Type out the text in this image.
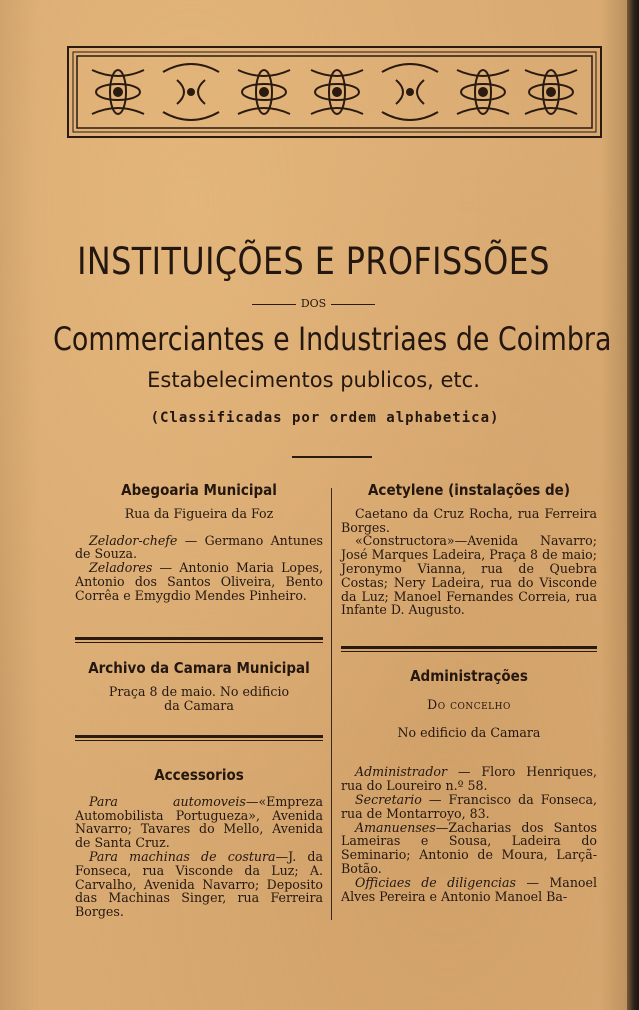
INSTITUIÇÕES E PROFISSÕES
DOS
Commerciantes e Industriaes de Coimbra
Estabelecimentos publicos, etc.
(Classificadas por ordem alphabetica)
Abegoaria Municipal
Rua da Figueira da Foz

Zelador-chefe — Germano Antunes de Souza.

Zeladores — Antonio Maria Lopes, Antonio dos Santos Oliveira, Bento Corrêa e Emygdio Mendes Pinheiro.

Archivo da Camara Municipal
Praça 8 de maio. No edificio
da Camara
Accessorios

Para automoveis—«Empreza Automobilista Portugueza», Avenida Navarro; Tavares do Mello, Avenida de Santa Cruz.

Para machinas de costura—J. da Fonseca, rua Visconde da Luz; A. Carvalho, Avenida Navarro; Deposito das Machinas Singer, rua Ferreira Borges.

Acetylene (instalações de)

Caetano da Cruz Rocha, rua Ferreira Borges.

«Constructora»—Avenida Navarro; José Marques Ladeira, Praça 8 de maio; Jeronymo Vianna, rua de Quebra Costas; Nery Ladeira, rua do Visconde da Luz; Manoel Fernandes Correia, rua Infante D. Augusto.

Administrações
Do concelho
No edificio da Camara

Administrador — Floro Henriques, rua do Loureiro n.º 58.

Secretario — Francisco da Fonseca, rua de Montarroyo, 83.

Amanuenses—Zacharias dos Santos Lameiras e Sousa, Ladeira do Seminario; Antonio de Moura, Larçã-Botão.

Officiaes de diligencias — Manoel Alves Pereira e Antonio Manoel Ba-
